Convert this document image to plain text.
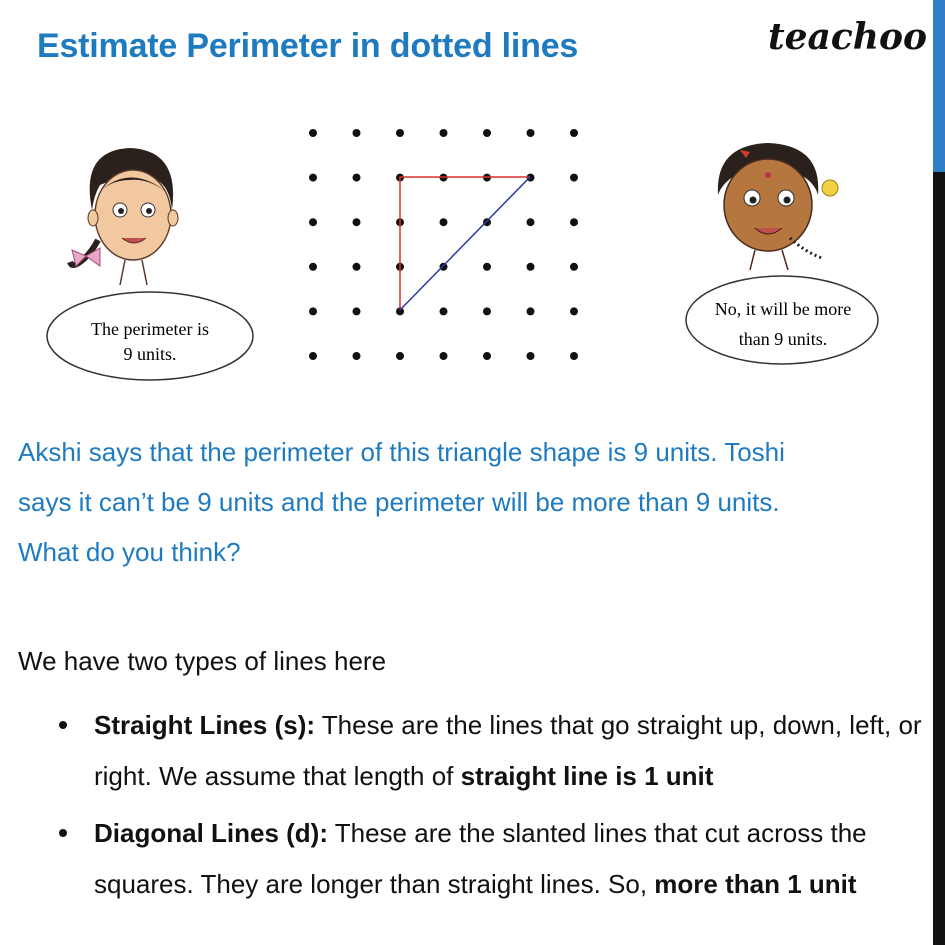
Estimate Perimeter in dotted lines	teachoo
The perimeter is
9 units.
No, it will be more
than 9 units.

Akshi says that the perimeter of this triangle shape is 9 units. Toshi

says it can’t be 9 units and the perimeter will be more than 9 units.

What do you think?

We have two types of lines here
Straight Lines (s): These are the lines that go straight up, down, left, or right. We assume that length of straight line is 1 unit
Diagonal Lines (d): These are the slanted lines that cut across the squares. They are longer than straight lines. So, more than 1 unit
